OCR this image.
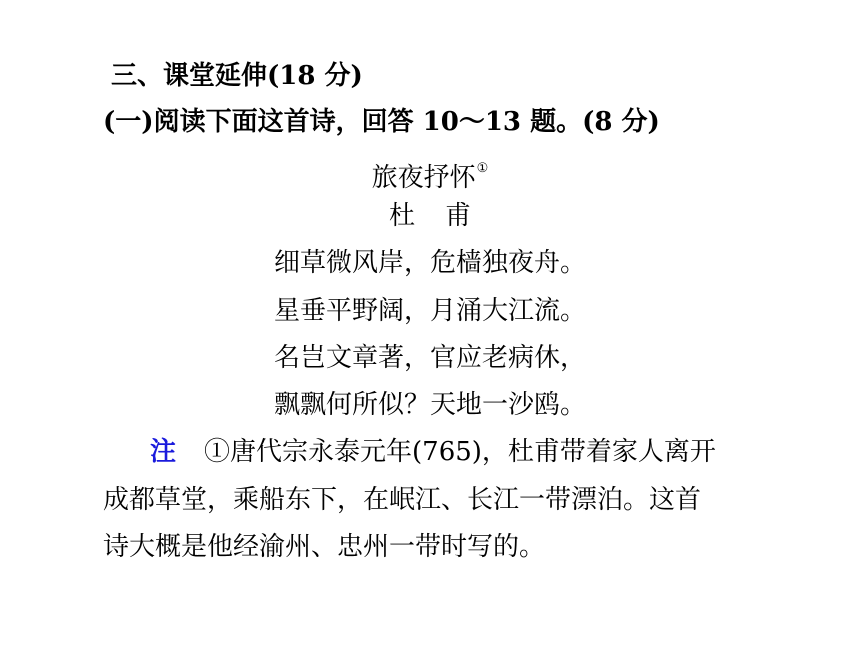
三、课堂延伸(18 分)
(一)阅读下面这首诗，回答 10～13 题。(8 分)
旅夜抒怀①
杜甫
细草微风岸，危樯独夜舟。
星垂平野阔，月涌大江流。
名岂文章著，官应老病休，
飘飘何所似？天地一沙鸥。
注 ①唐代宗永泰元年(765)，杜甫带着家人离开
成都草堂，乘船东下，在岷江、长江一带漂泊。这首
诗大概是他经渝州、忠州一带时写的。
